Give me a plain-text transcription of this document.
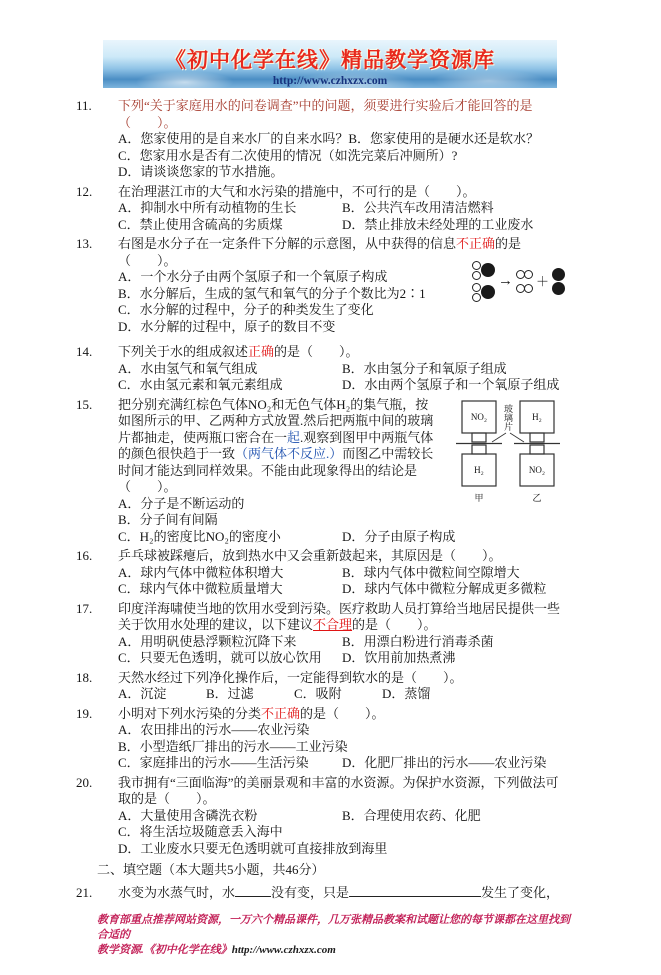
《初中化学在线》精品教学资源库
http://www.czhxzx.com
11. 下列“关于家庭用水的问卷调查”中的问题，须要进行实验后才能回答的是（　　）。
A．您家使用的是自来水厂的自来水吗？B．您家使用的是硬水还是软水？
C．您家用水是否有二次使用的情况（如洗完菜后冲厕所）?
D．请谈谈您家的节水措施。
12. 在治理湛江市的大气和水污染的措施中，不可行的是（　　）。
A．抑制水中所有动植物的生长	B．公共汽车改用清洁燃料
C．禁止使用含硫高的劣质煤	D．禁止排放未经处理的工业废水
13. 右图是水分子在一定条件下分解的示意图，从中获得的信息不正确的是（　　）。
A．一个水分子由两个氢原子和一个氧原子构成
B．水分解后，生成的氢气和氧气的分子个数比为2∶1
C．水分解的过程中，分子的种类发生了变化
D．水分解的过程中，原子的数目不变
→ ＋
14. 下列关于水的组成叙述正确的是（　　）。
A．水由氢气和氧气组成	B．水由氢分子和氧原子组成
C．水由氢元素和氧元素组成	D．水由两个氢原子和一个氧原子组成
NO₂
H₂
H₂
NO₂
玻璃片
甲	乙
15. 把分别充满红棕色气体NO₂和无色气体H₂的集气瓶，按如图所示的甲、乙两种方式放置.然后把两瓶中间的玻璃片都抽走，使两瓶口密合在一起.观察到图甲中两瓶气体的颜色很快趋于一致（两气体不反应.）而图乙中需较长时间才能达到同样效果。不能由此现象得出的结论是（　　）。
A．分子是不断运动的B．分子间有间隔
C．H₂的密度比NO₂的密度小	D．分子由原子构成
16. 乒乓球被踩瘪后，放到热水中又会重新鼓起来，其原因是（　　）。
A．球内气体中微粒体积增大	B．球内气体中微粒间空隙增大
C．球内气体中微粒质量增大	D．球内气体中微粒分解成更多微粒
17. 印度洋海啸使当地的饮用水受到污染。医疗救助人员打算给当地居民提供一些关于饮用水处理的建议，以下建议不合理的是（　　）。
A．用明矾使悬浮颗粒沉降下来	B．用漂白粉进行消毒杀菌
C．只要无色透明，就可以放心饮用 D．饮用前加热煮沸
18. 天然水经过下列净化操作后，一定能得到软水的是（　　）。
A．沉淀	B．过滤	C．吸附	D．蒸馏
19. 小明对下列水污染的分类不正确的是（　　）。
A．农田排出的污水——农业污染B．小型造纸厂排出的污水——工业污染
C．家庭排出的污水——生活污染	D．化肥厂排出的污水——农业污染
20. 我市拥有“三面临海”的美丽景观和丰富的水资源。为保护水资源，下列做法可取的是（　　）。
A．大量使用含磷洗衣粉	B．合理使用农药、化肥
C．将生活垃圾随意丢入海中D．工业废水只要无色透明就可直接排放到海里
二、填空题（本大题共5小题，共46分）
21. 水变为水蒸气时，水	没有变，只是	发生了变化，
教育部重点推荐网站资源，一万六个精品课件，几万张精品教案和试题让您的每节课都在这里找到合适的
教学资源.《初中化学在线》http://www.czhxzx.com
